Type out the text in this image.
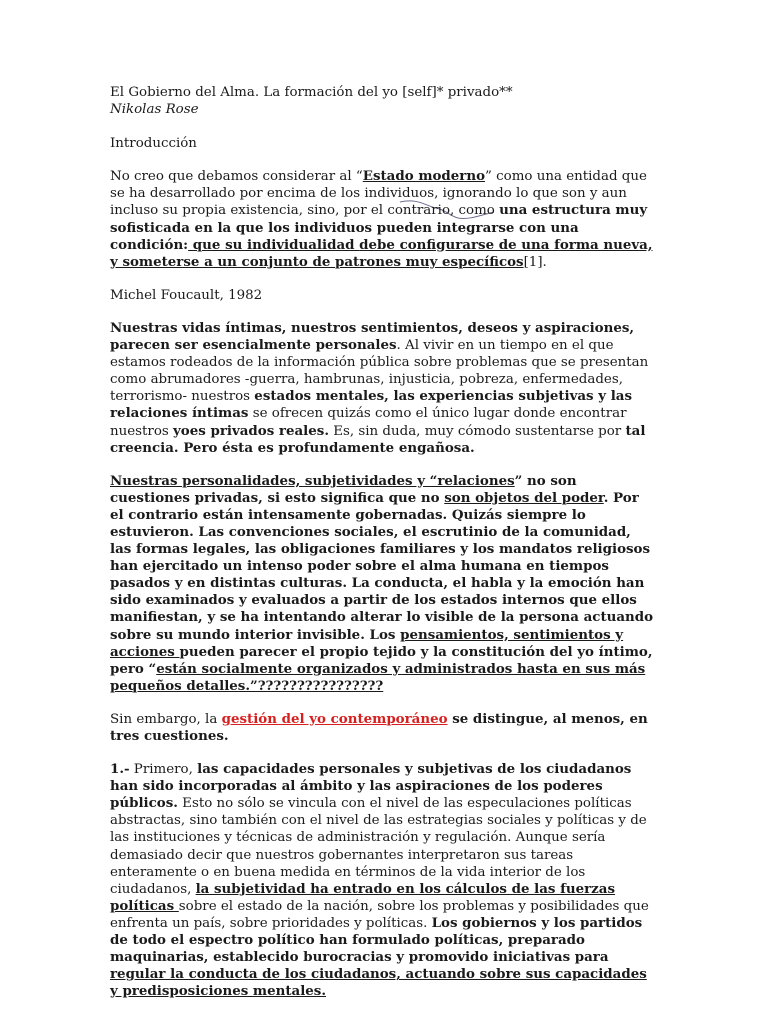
El Gobierno del Alma. La formación del yo [self]* privado**

Nikolas Rose

Introducción

No creo que debamos considerar al “Estado moderno” como una entidad que se ha desarrollado por encima de los individuos, ignorando lo que son y aun incluso su propia existencia, sino, por el contrario, como una estructura muy sofisticada en la que los individuos pueden integrarse con una condición: que su individualidad debe configurarse de una forma nueva, y someterse a un conjunto de patrones muy específicos[1].

Michel Foucault, 1982

Nuestras vidas íntimas, nuestros sentimientos, deseos y aspiraciones, parecen ser esencialmente personales. Al vivir en un tiempo en el que estamos rodeados de la información pública sobre problemas que se presentan como abrumadores -guerra, hambrunas, injusticia, pobreza, enfermedades, terrorismo- nuestros estados mentales, las experiencias subjetivas y las relaciones íntimas se ofrecen quizás como el único lugar donde encontrar nuestros yoes privados reales. Es, sin duda, muy cómodo sustentarse por tal creencia. Pero ésta es profundamente engañosa.

Nuestras personalidades, subjetividades y “relaciones” no son cuestiones privadas, si esto significa que no son objetos del poder. Por el contrario están intensamente gobernadas. Quizás siempre lo estuvieron. Las convenciones sociales, el escrutinio de la comunidad, las formas legales, las obligaciones familiares y los mandatos religiosos han ejercitado un intenso poder sobre el alma humana en tiempos pasados y en distintas culturas. La conducta, el habla y la emoción han sido examinados y evaluados a partir de los estados internos que ellos manifiestan, y se ha intentando alterar lo visible de la persona actuando sobre su mundo interior invisible. Los pensamientos, sentimientos y acciones pueden parecer el propio tejido y la constitución del yo íntimo, pero “están socialmente organizados y administrados hasta en sus más pequeños detalles.”????????????????

Sin embargo, la gestión del yo contemporáneo se distingue, al menos, en tres cuestiones.

1.- Primero, las capacidades personales y subjetivas de los ciudadanos han sido incorporadas al ámbito y las aspiraciones de los poderes públicos. Esto no sólo se vincula con el nivel de las especulaciones políticas abstractas, sino también con el nivel de las estrategias sociales y políticas y de las instituciones y técnicas de administración y regulación. Aunque sería demasiado decir que nuestros gobernantes interpretaron sus tareas enteramente o en buena medida en términos de la vida interior de los ciudadanos, la subjetividad ha entrado en los cálculos de las fuerzas políticas sobre el estado de la nación, sobre los problemas y posibilidades que enfrenta un país, sobre prioridades y políticas. Los gobiernos y los partidos de todo el espectro político han formulado políticas, preparado maquinarias, establecido burocracias y promovido iniciativas para regular la conducta de los ciudadanos, actuando sobre sus capacidades y predisposiciones mentales.
